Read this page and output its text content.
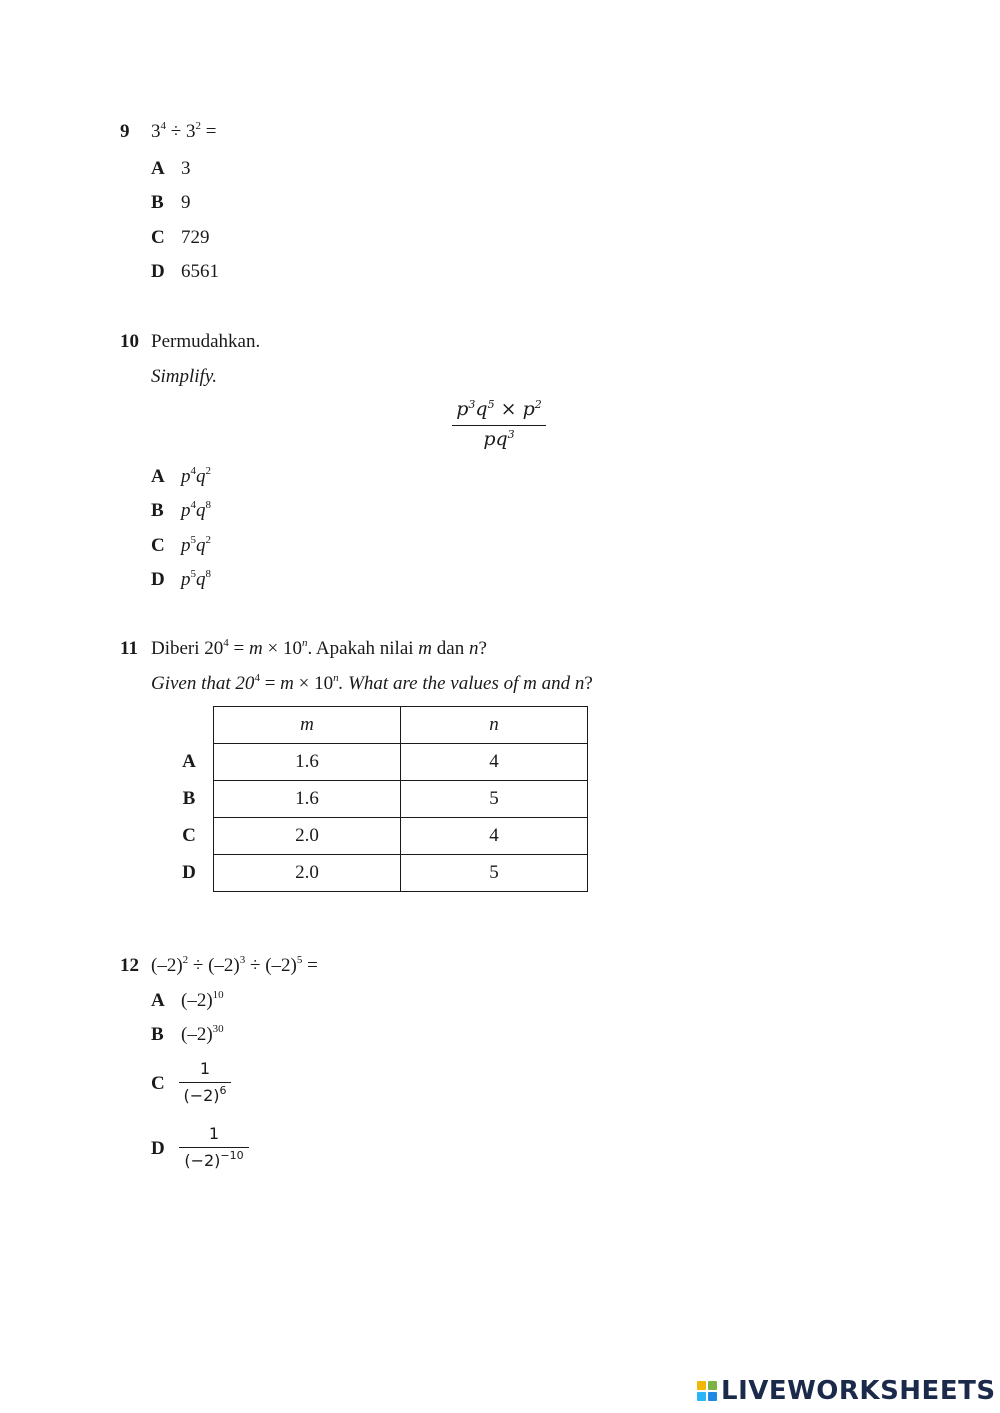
9 $3^4 \div 3^2$ =
A 3
B 9
C 729
D 6561
10 Permudahkan.
Simplify.
$p^3q^5 \times p^2$
$pq^3$
A $p^4q^2$
B $p^4q^8$
C $p^5q^2$
D $p^5q^8$
11 Diberi $20^4 = m \times 10^n$. Apakah nilai m dan n?
Given that $20^4 = m \times 10^n$. What are the values of m and n?
	m	n
A	1.6	4
B	1.6	5
C	2.0	4
D	2.0	5
12 $(-2)^2 \div (-2)^3 \div (-2)^5$ =
A $(-2)^{10}$
B $(-2)^{30}$
C
1
$(-2)^6$
D
1
$(-2)^{-10}$
LIVEWORKSHEETS
